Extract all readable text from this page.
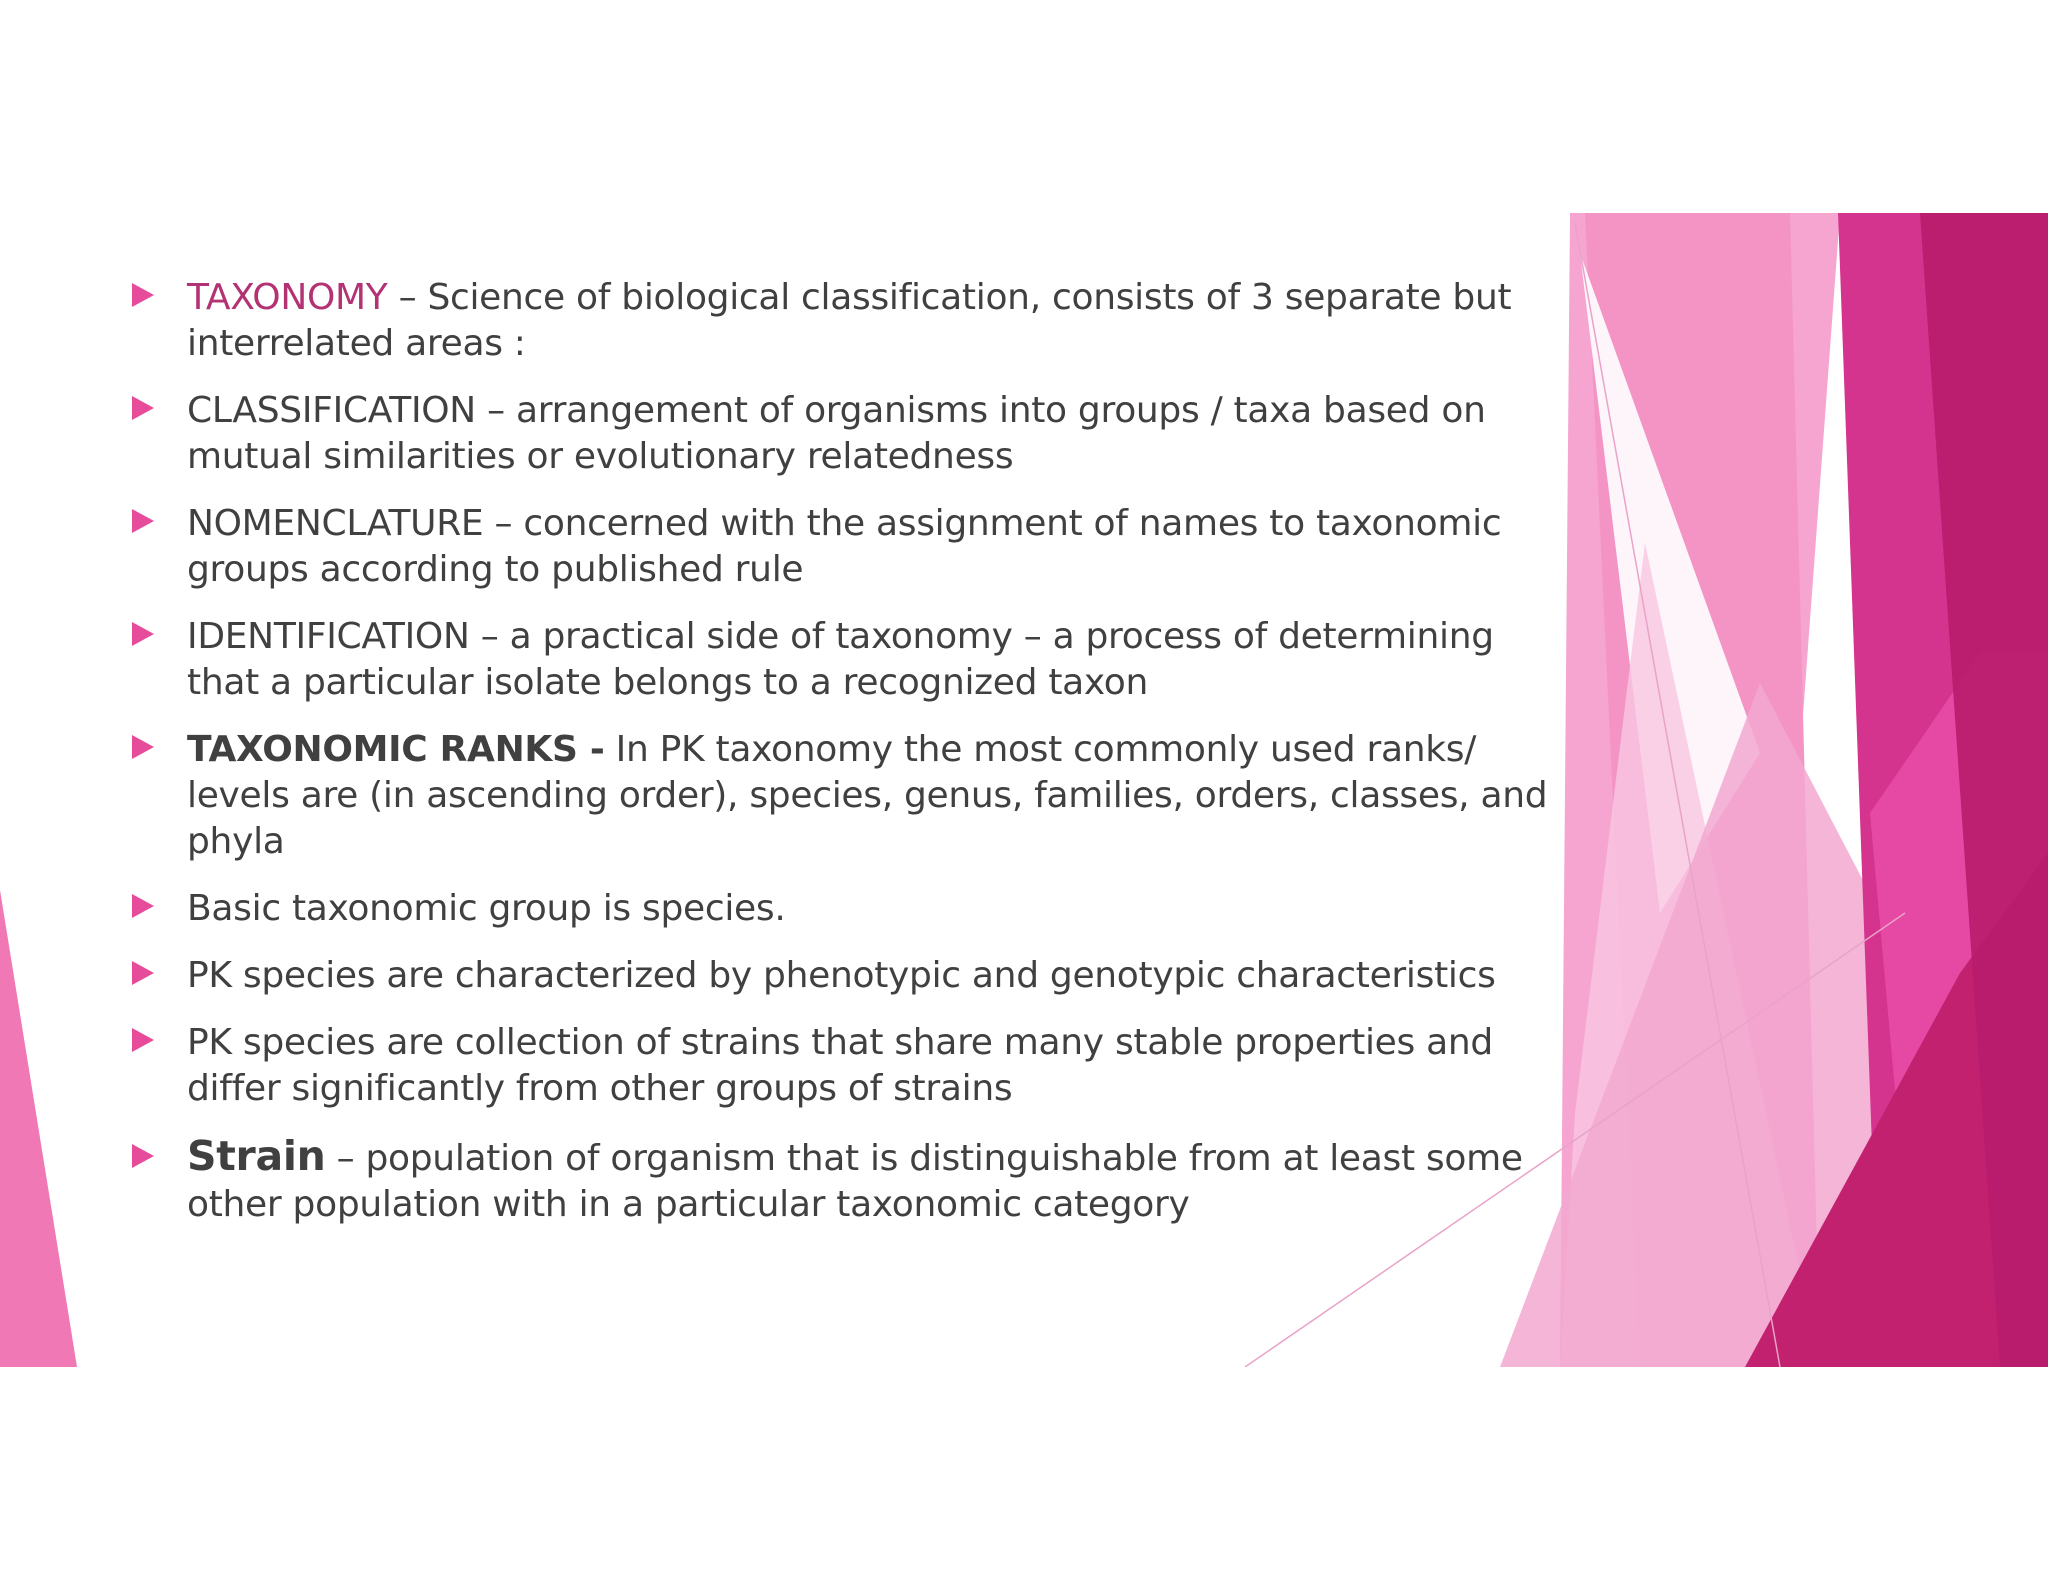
TAXONOMY – Science of biological classification, consists of 3 separate but interrelated areas :
CLASSIFICATION – arrangement of organisms into groups / taxa based on mutual similarities or evolutionary relatedness
NOMENCLATURE – concerned with the assignment of names to taxonomic groups according to published rule
IDENTIFICATION – a practical side of taxonomy – a process of determining that a particular isolate belongs to a recognized taxon
TAXONOMIC RANKS - In PK taxonomy the most commonly used ranks/ levels are (in ascending order), species, genus, families, orders, classes, and phyla
Basic taxonomic group is species.
PK species are characterized by phenotypic and genotypic characteristics
PK species are collection of strains that share many stable properties and differ significantly from other groups of strains
Strain – population of organism that is distinguishable from at least some other population with in a particular taxonomic category
